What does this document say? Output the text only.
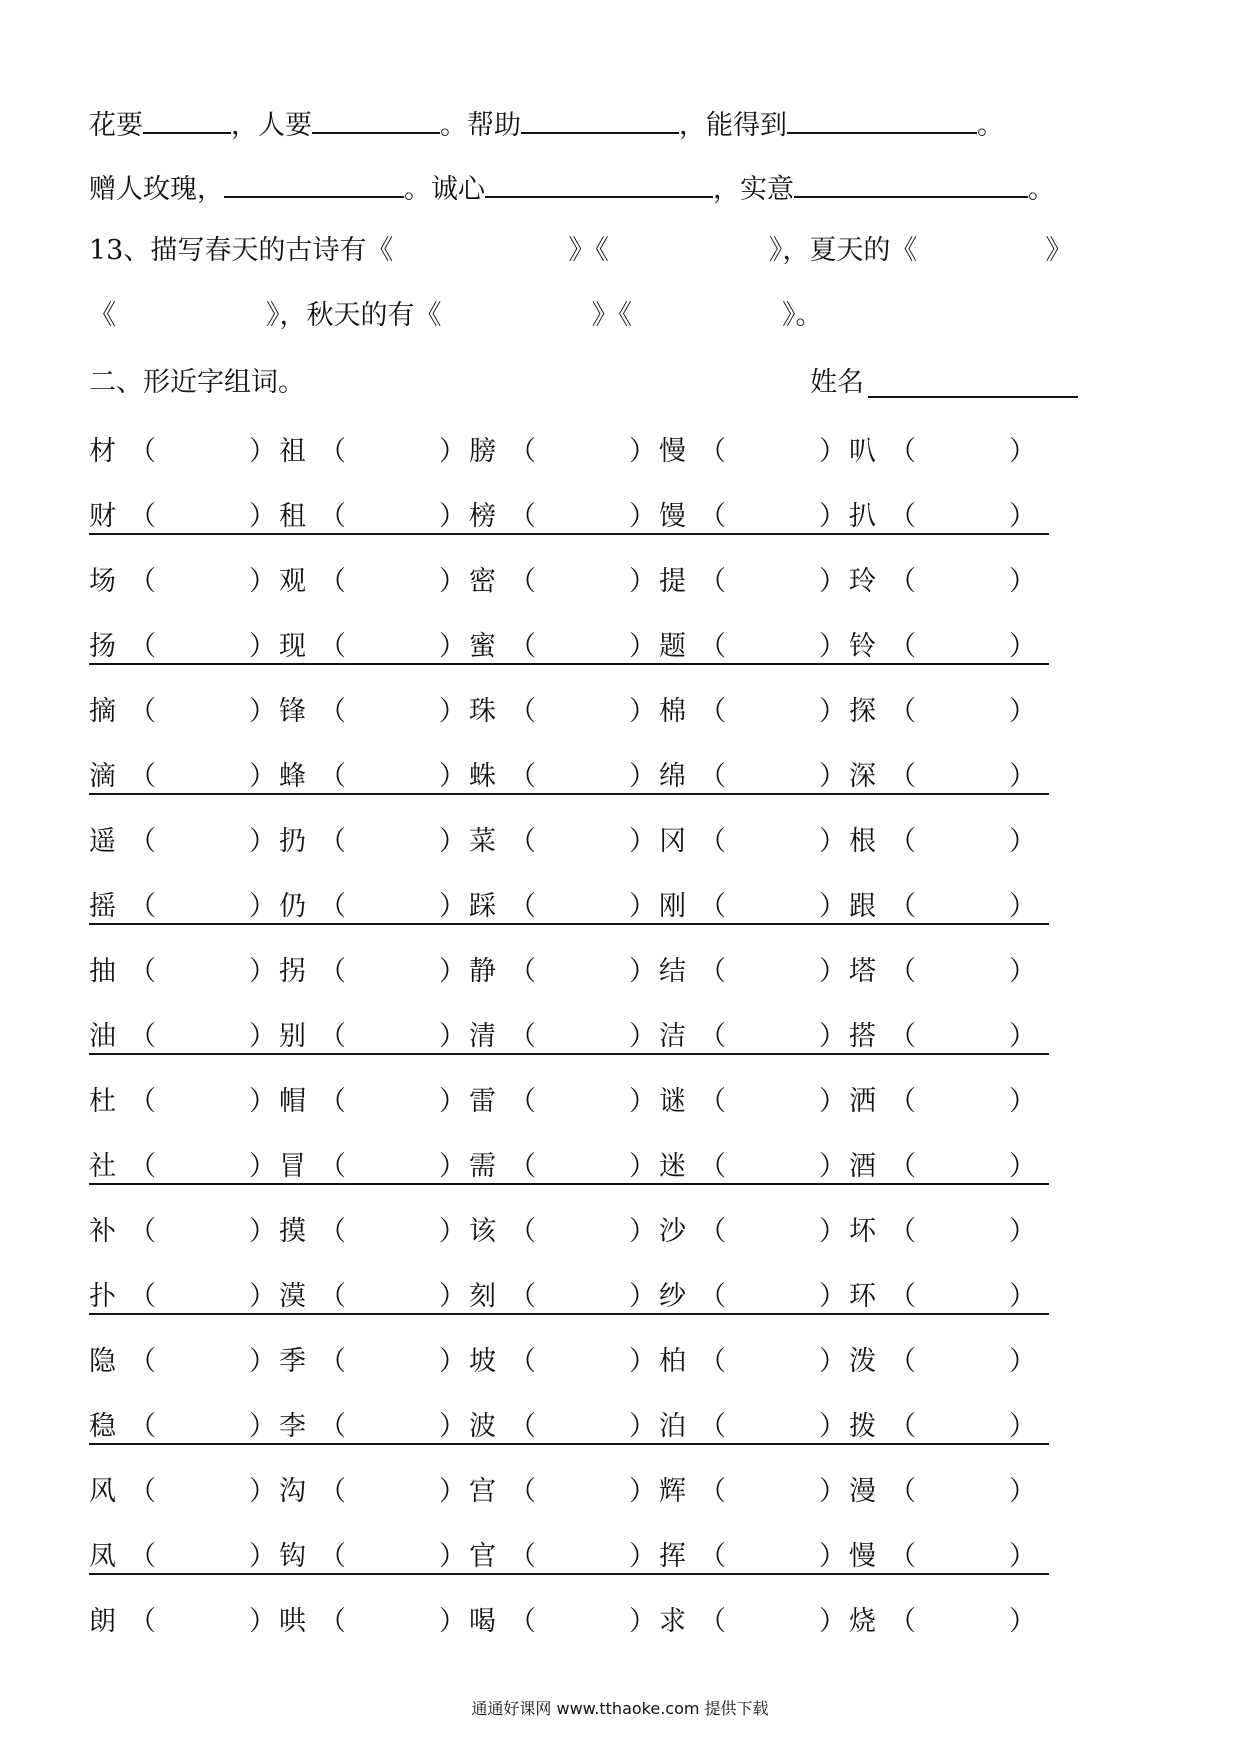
花要	，人要	。帮助	，能得到	。
赠人玫瑰，	。诚心	，实意	。
13、描写春天的古诗有《	》《	》，夏天的《	》
《	》，秋天的有《	》《	》。
二、形近字组词。	姓名
材 （	） 祖 （	） 膀 （	） 慢 （	） 叭 （	）
财 （	） 租 （	） 榜 （	） 馒 （	） 扒 （	）
场 （	） 观 （	） 密 （	） 提 （	） 玲 （	）
扬 （	） 现 （	） 蜜 （	） 题 （	） 铃 （	）
摘 （	） 锋 （	） 珠 （	） 棉 （	） 探 （	）
滴 （	） 蜂 （	） 蛛 （	） 绵 （	） 深 （	）
遥 （	） 扔 （	） 菜 （	） 冈 （	） 根 （	）
摇 （	） 仍 （	） 踩 （	） 刚 （	） 跟 （	）
抽 （	） 拐 （	） 静 （	） 结 （	） 塔 （	）
油 （	） 别 （	） 清 （	） 洁 （	） 搭 （	）
杜 （	） 帽 （	） 雷 （	） 谜 （	） 洒 （	）
社 （	） 冒 （	） 需 （	） 迷 （	） 酒 （	）
补 （	） 摸 （	） 该 （	） 沙 （	） 坏 （	）
扑 （	） 漠 （	） 刻 （	） 纱 （	） 环 （	）
隐 （	） 季 （	） 坡 （	） 柏 （	） 泼 （	）
稳 （	） 李 （	） 波 （	） 泊 （	） 拨 （	）
风 （	） 沟 （	） 宫 （	） 辉 （	） 漫 （	）
凤 （	） 钩 （	） 官 （	） 挥 （	） 慢 （	）
朗 （	） 哄 （	） 喝 （	） 求 （	） 烧 （	）
通通好课网 www.tthaoke.com 提供下载
